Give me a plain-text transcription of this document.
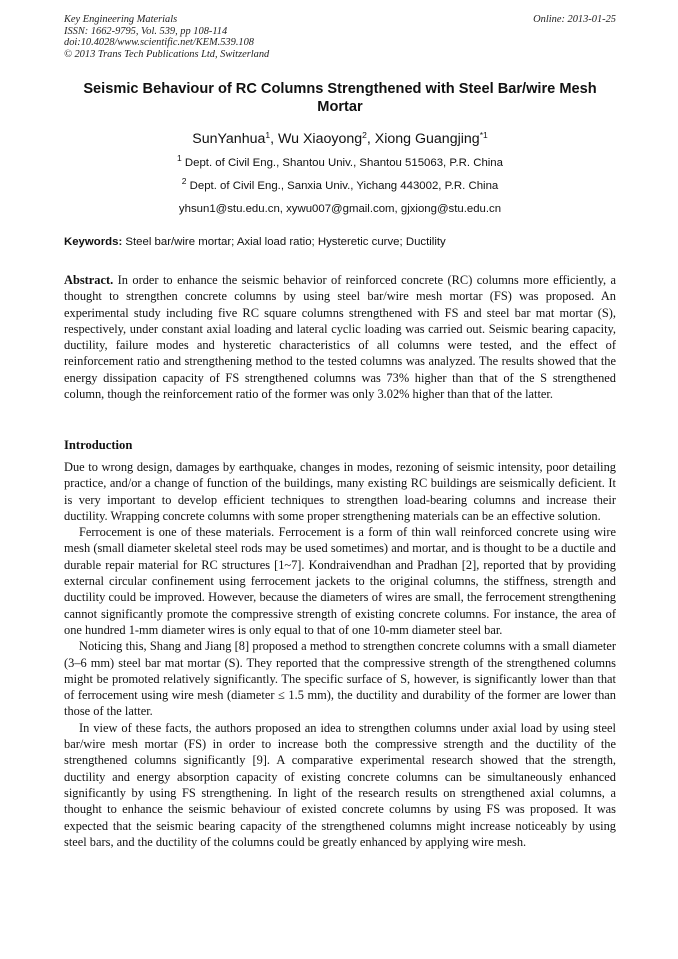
Key Engineering Materials
ISSN: 1662-9795, Vol. 539, pp 108-114
doi:10.4028/www.scientific.net/KEM.539.108
© 2013 Trans Tech Publications Ltd, Switzerland
Online: 2013-01-25
Seismic Behaviour of RC Columns Strengthened with Steel Bar/wire Mesh Mortar
SunYanhua$^1$, Wu Xiaoyong$^2$, Xiong Guangjing$^{*1}$
$^1$ Dept. of Civil Eng., Shantou Univ., Shantou 515063, P.R. China
$^2$ Dept. of Civil Eng., Sanxia Univ., Yichang 443002, P.R. China
yhsun1@stu.edu.cn, xywu007@gmail.com, gjxiong@stu.edu.cn
Keywords: Steel bar/wire mortar; Axial load ratio; Hysteretic curve; Ductility
Abstract. In order to enhance the seismic behavior of reinforced concrete (RC) columns more efficiently, a thought to strengthen concrete columns by using steel bar/wire mesh mortar (FS) was proposed. An experimental study including five RC square columns strengthened with FS and steel bar mat mortar (S), respectively, under constant axial loading and lateral cyclic loading was carried out. Seismic bearing capacity, ductility, failure modes and hysteretic characteristics of all columns were tested, and the effect of reinforcement ratio and strengthening method to the tested columns was analyzed. The results showed that the energy dissipation capacity of FS strengthened columns was 73% higher than that of the S strengthened column, though the reinforcement ratio of the former was only 3.02% higher than that of the latter.
Introduction

Due to wrong design, damages by earthquake, changes in modes, rezoning of seismic intensity, poor detailing practice, and/or a change of function of the buildings, many existing RC buildings are seismically deficient. It is very important to develop efficient techniques to strengthen load-bearing columns and increase their ductility. Wrapping concrete columns with some proper strengthening materials can be an effective solution.

Ferrocement is one of these materials. Ferrocement is a form of thin wall reinforced concrete using wire mesh (small diameter skeletal steel rods may be used sometimes) and mortar, and is thought to be a ductile and durable repair material for RC structures [1~7]. Kondraivendhan and Pradhan [2], reported that by providing external circular confinement using ferrocement jackets to the original columns, the stiffness, strength and ductility could be improved. However, because the diameters of wires are small, the ferrocement strengthening cannot significantly promote the compressive strength of existing concrete columns. For instance, the area of one hundred 1-mm diameter wires is only equal to that of one 10-mm diameter steel bar.

Noticing this, Shang and Jiang [8] proposed a method to strengthen concrete columns with a small diameter (3–6 mm) steel bar mat mortar (S). They reported that the compressive strength of the strengthened columns might be promoted relatively significantly. The specific surface of S, however, is significantly lower than that of ferrocement using wire mesh (diameter ≤ 1.5 mm), the ductility and durability of the former are lower than those of the latter.

In view of these facts, the authors proposed an idea to strengthen columns under axial load by using steel bar/wire mesh mortar (FS) in order to increase both the compressive strength and the ductility of the strengthened columns significantly [9]. A comparative experimental research showed that the strength, ductility and energy absorption capacity of existing concrete columns can be simultaneously enhanced significantly by using FS strengthening. In light of the research results on strengthened axial columns, a thought to enhance the seismic behaviour of existed concrete columns by using FS was proposed. It was expected that the seismic bearing capacity of the strengthened columns might increase noticeably by using steel bars, and the ductility of the columns could be greatly enhanced by applying wire mesh.
